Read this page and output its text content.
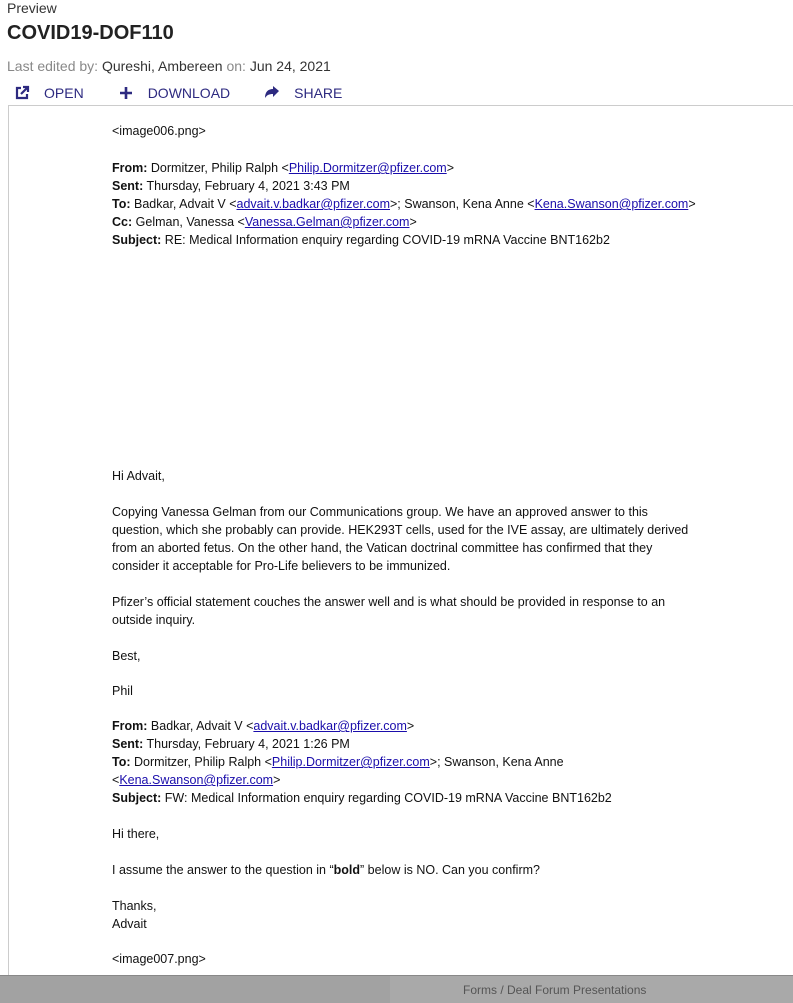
Preview
COVID19-DOF110
Last edited by: Qureshi, Ambereen on: Jun 24, 2021
OPEN	DOWNLOAD	SHARE
<image006.png>
From: Dormitzer, Philip Ralph <Philip.Dormitzer@pfizer.com>
Sent: Thursday, February 4, 2021 3:43 PM
To: Badkar, Advait V <advait.v.badkar@pfizer.com>; Swanson, Kena Anne <Kena.Swanson@pfizer.com>
Cc: Gelman, Vanessa <Vanessa.Gelman@pfizer.com>
Subject: RE: Medical Information enquiry regarding COVID-19 mRNA Vaccine BNT162b2
Hi Advait,
Copying Vanessa Gelman from our Communications group. We have an approved answer to this
question, which she probably can provide. HEK293T cells, used for the IVE assay, are ultimately derived
from an aborted fetus. On the other hand, the Vatican doctrinal committee has confirmed that they
consider it acceptable for Pro-Life believers to be immunized.
Pfizer’s official statement couches the answer well and is what should be provided in response to an
outside inquiry.
Best,
Phil
From: Badkar, Advait V <advait.v.badkar@pfizer.com>
Sent: Thursday, February 4, 2021 1:26 PM
To: Dormitzer, Philip Ralph <Philip.Dormitzer@pfizer.com>; Swanson, Kena Anne
<Kena.Swanson@pfizer.com>
Subject: FW: Medical Information enquiry regarding COVID-19 mRNA Vaccine BNT162b2
Hi there,
I assume the answer to the question in “bold” below is NO. Can you confirm?
Thanks,
Advait
<image007.png>
Forms / Deal Forum Presentations
